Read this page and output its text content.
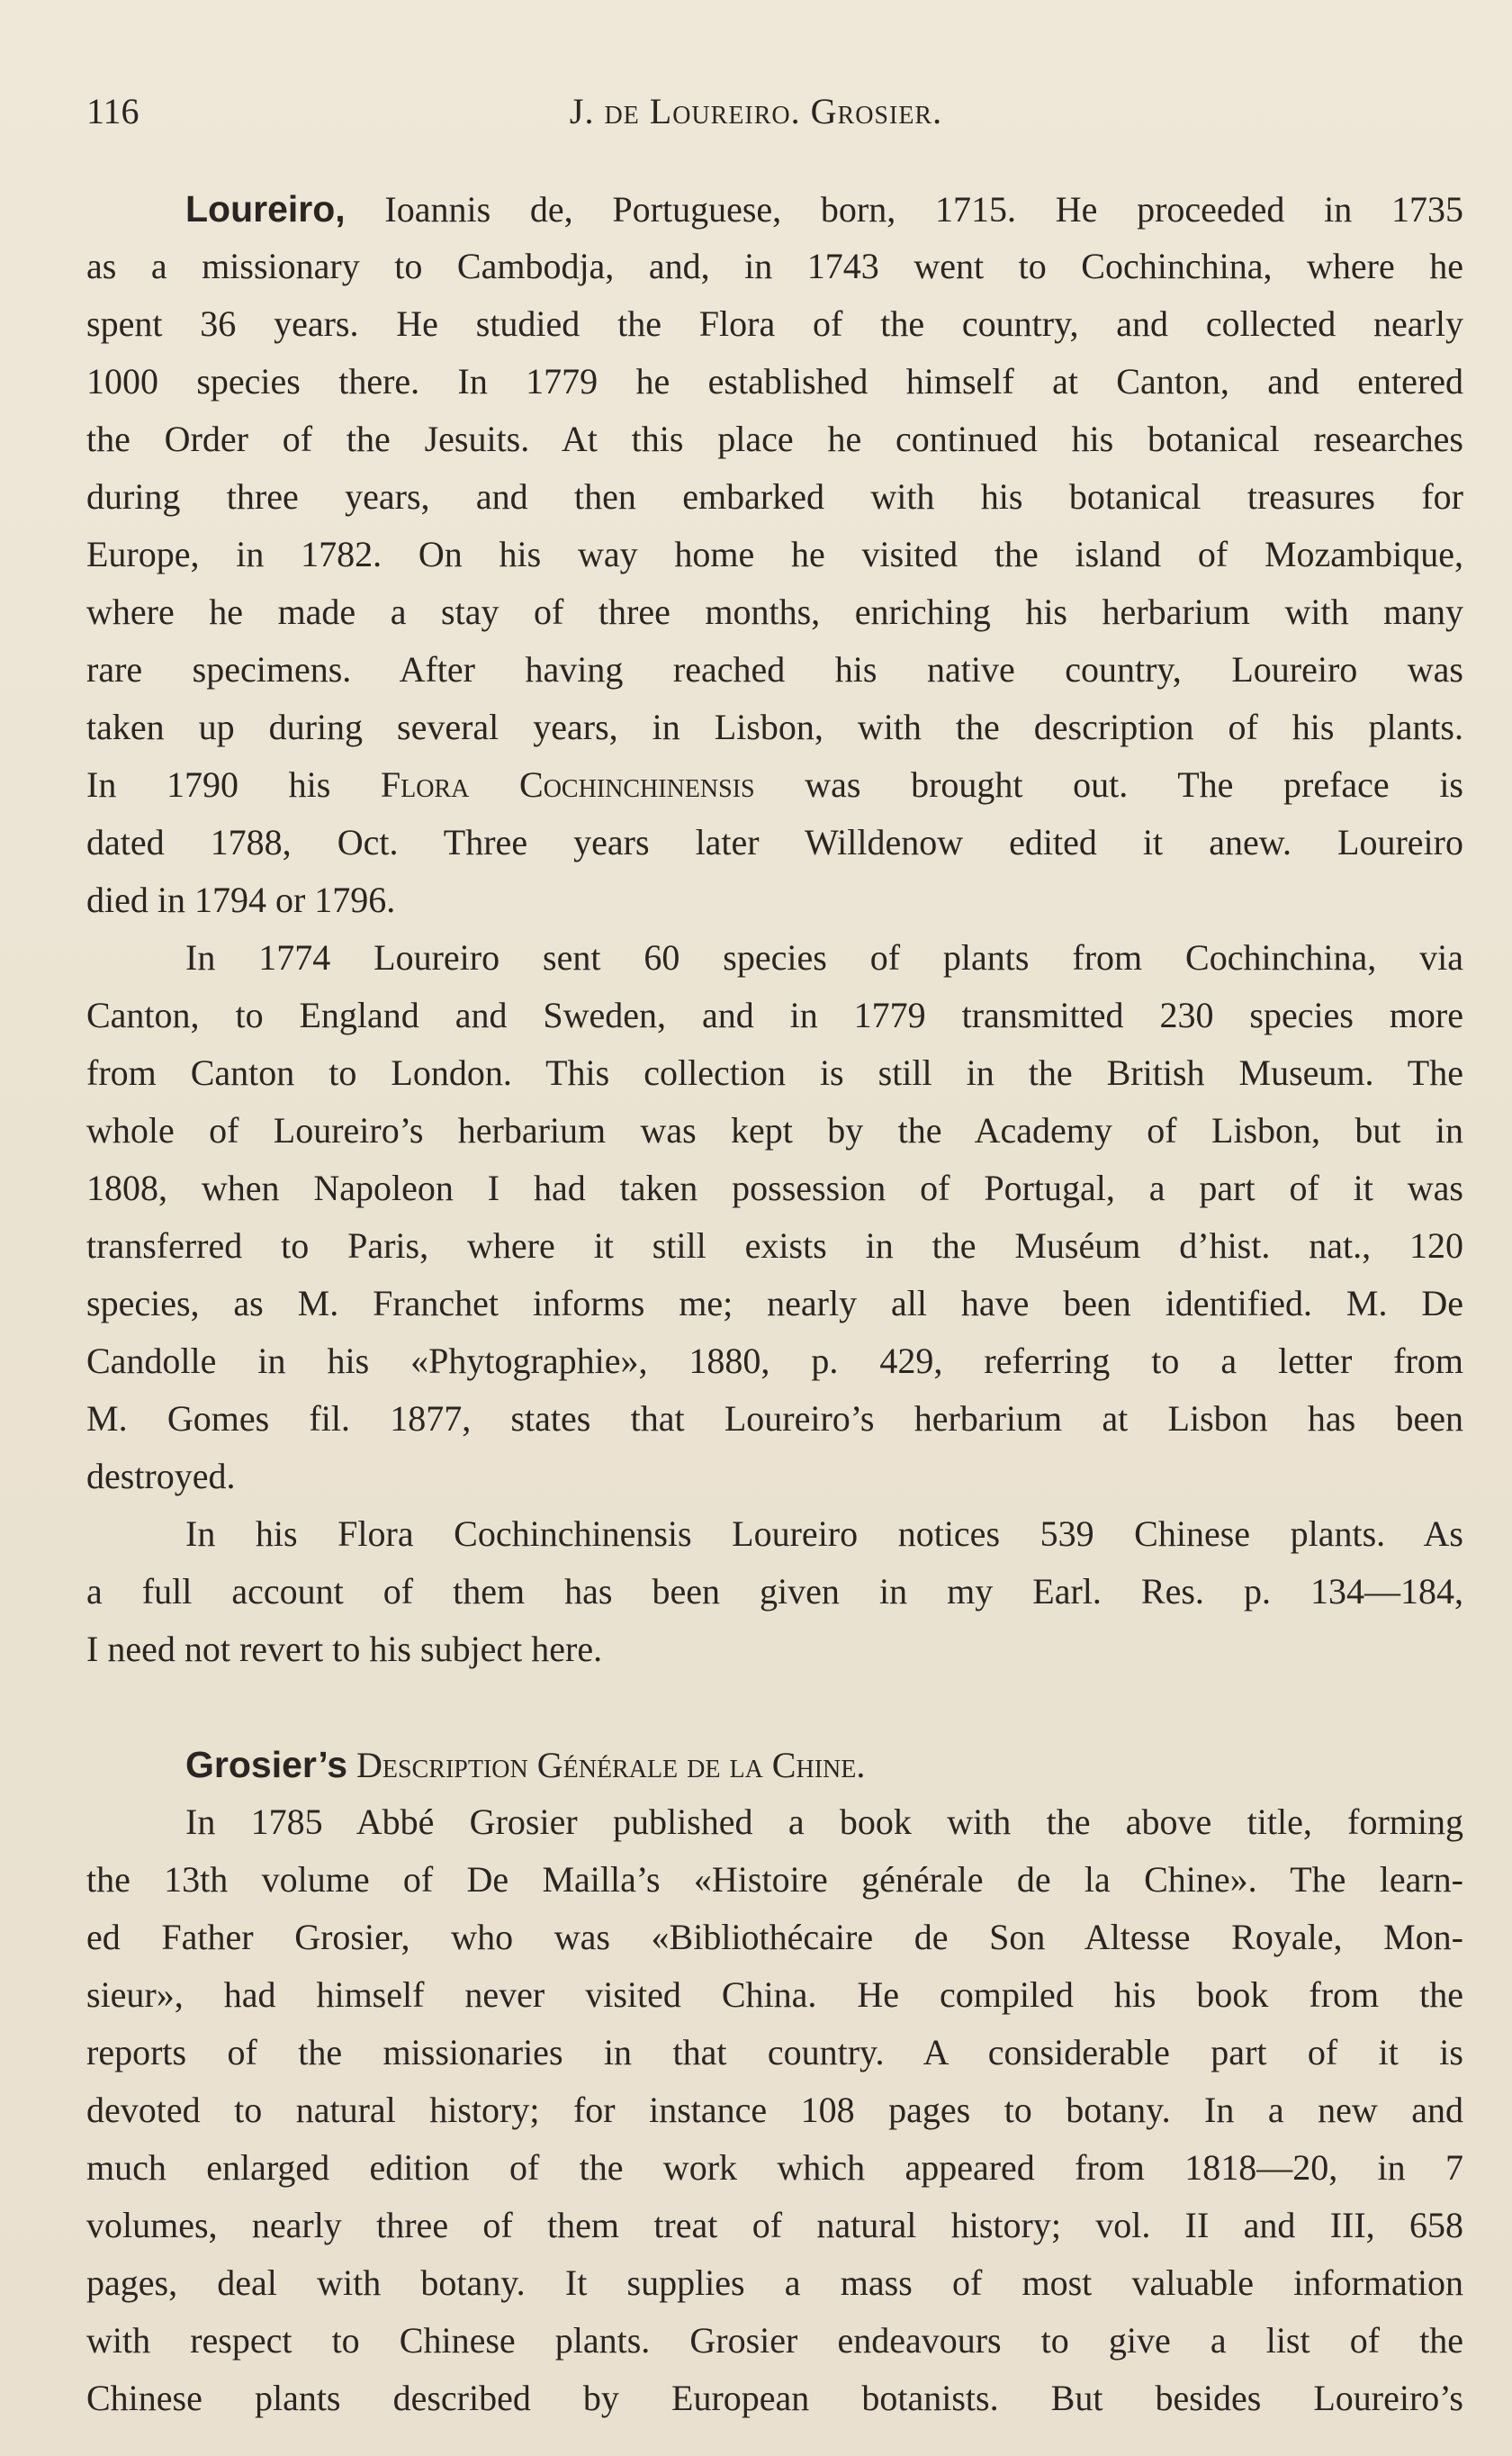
116	J. de Loureiro. Grosier.
Loureiro, Ioannis de, Portuguese, born, 1715. He proceeded in 1735
as a missionary to Cambodja, and, in 1743 went to Cochinchina, where he
spent 36 years. He studied the Flora of the country, and collected nearly
1000 species there. In 1779 he established himself at Canton, and entered
the Order of the Jesuits. At this place he continued his botanical researches
during three years, and then embarked with his botanical treasures for
Europe, in 1782. On his way home he visited the island of Mozambique,
where he made a stay of three months, enriching his herbarium with many
rare specimens. After having reached his native country, Loureiro was
taken up during several years, in Lisbon, with the description of his plants.
In 1790 his Flora Cochinchinensis was brought out. The preface is
dated 1788, Oct. Three years later Willdenow edited it anew. Loureiro
died in 1794 or 1796.
In 1774 Loureiro sent 60 species of plants from Cochinchina, via
Canton, to England and Sweden, and in 1779 transmitted 230 species more
from Canton to London. This collection is still in the British Museum. The
whole of Loureiro’s herbarium was kept by the Academy of Lisbon, but in
1808, when Napoleon I had taken possession of Portugal, a part of it was
transferred to Paris, where it still exists in the Muséum d’hist. nat., 120
species, as M. Franchet informs me; nearly all have been identified. M. De
Candolle in his «Phytographie», 1880, p. 429, referring to a letter from
M. Gomes fil. 1877, states that Loureiro’s herbarium at Lisbon has been
destroyed.
In his Flora Cochinchinensis Loureiro notices 539 Chinese plants. As
a full account of them has been given in my Earl. Res. p. 134—184,
I need not revert to his subject here.
Grosier’s Description Générale de la Chine.
In 1785 Abbé Grosier published a book with the above title, forming
the 13th volume of De Mailla’s «Histoire générale de la Chine». The learn-
ed Father Grosier, who was «Bibliothécaire de Son Altesse Royale, Mon-
sieur», had himself never visited China. He compiled his book from the
reports of the missionaries in that country. A considerable part of it is
devoted to natural history; for instance 108 pages to botany. In a new and
much enlarged edition of the work which appeared from 1818—20, in 7
volumes, nearly three of them treat of natural history; vol. II and III, 658
pages, deal with botany. It supplies a mass of most valuable information
with respect to Chinese plants. Grosier endeavours to give a list of the
Chinese plants described by European botanists. But besides Loureiro’s
